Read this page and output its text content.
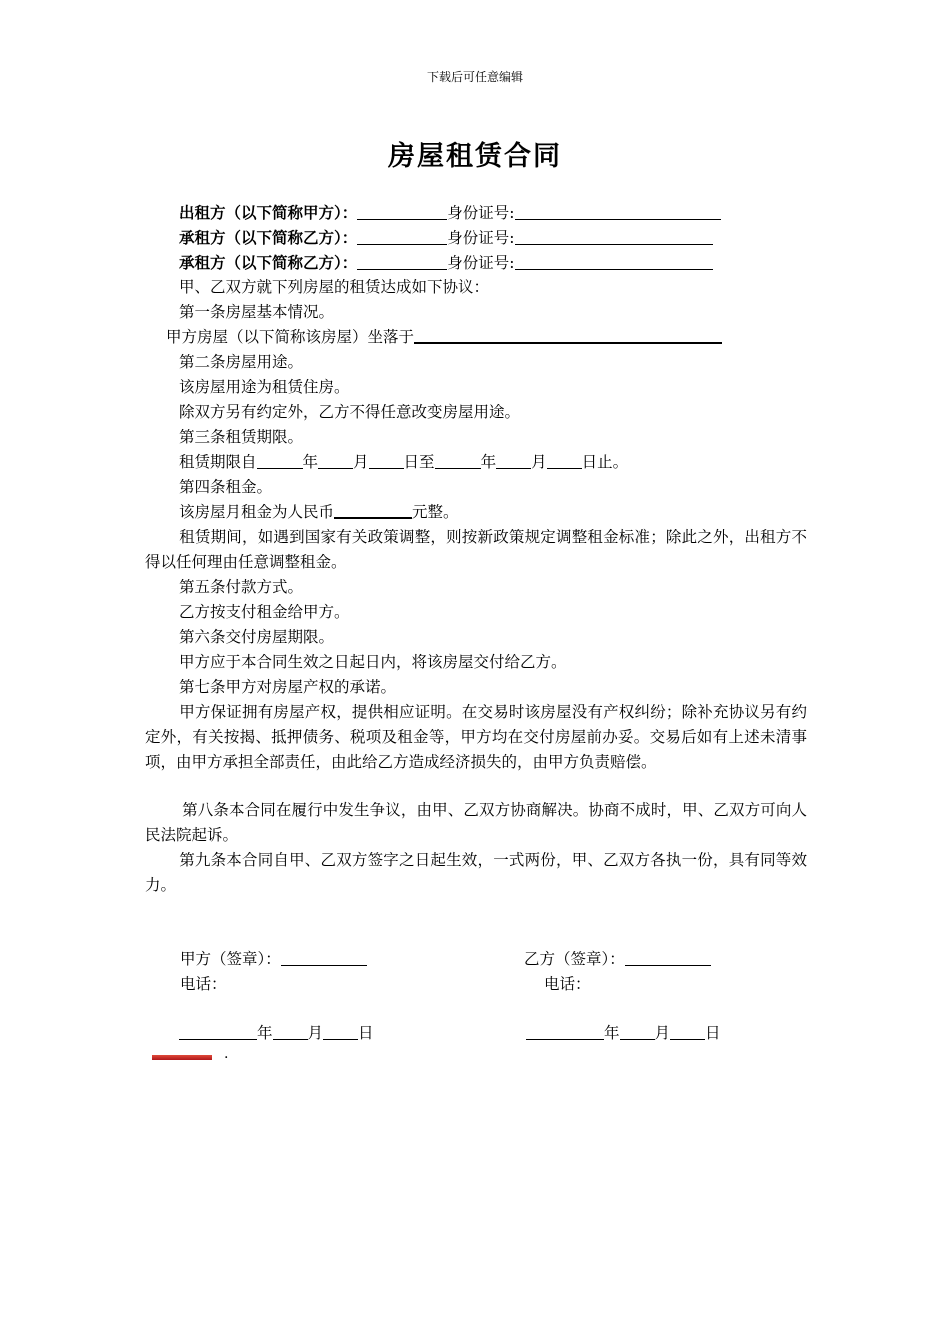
下载后可任意编辑
房屋租赁合同
出租方（以下简称甲方）：	身份证号:
承租方（以下简称乙方）：	身份证号:
承租方（以下简称乙方）：	身份证号:
甲、乙双方就下列房屋的租赁达成如下协议：
第一条房屋基本情况。
甲方房屋（以下简称该房屋）坐落于
第二条房屋用途。
该房屋用途为租赁住房。
除双方另有约定外，乙方不得任意改变房屋用途。
第三条租赁期限。
租赁期限自	年 月 日至	年 月 日止。
第四条租金。
该房屋月租金为人民币	元整。
租赁期间，如遇到国家有关政策调整，则按新政策规定调整租金标准；除此之外，出租方不得以任何理由任意调整租金。
第五条付款方式。
乙方按支付租金给甲方。
第六条交付房屋期限。
甲方应于本合同生效之日起日内，将该房屋交付给乙方。
第七条甲方对房屋产权的承诺。
甲方保证拥有房屋产权，提供相应证明。在交易时该房屋没有产权纠纷；除补充协议另有约定外，有关按揭、抵押债务、税项及租金等，甲方均在交付房屋前办妥。交易后如有上述未清事项，由甲方承担全部责任，由此给乙方造成经济损失的，由甲方负责赔偿。
第八条本合同在履行中发生争议，由甲、乙双方协商解决。协商不成时，甲、乙双方可向人民法院起诉。
第九条本合同自甲、乙双方签字之日起生效，一式两份，甲、乙双方各执一份，具有同等效力。
甲方（签章）：	乙方（签章）：
电话：	电话：
年 月 日	年 月 日
.
